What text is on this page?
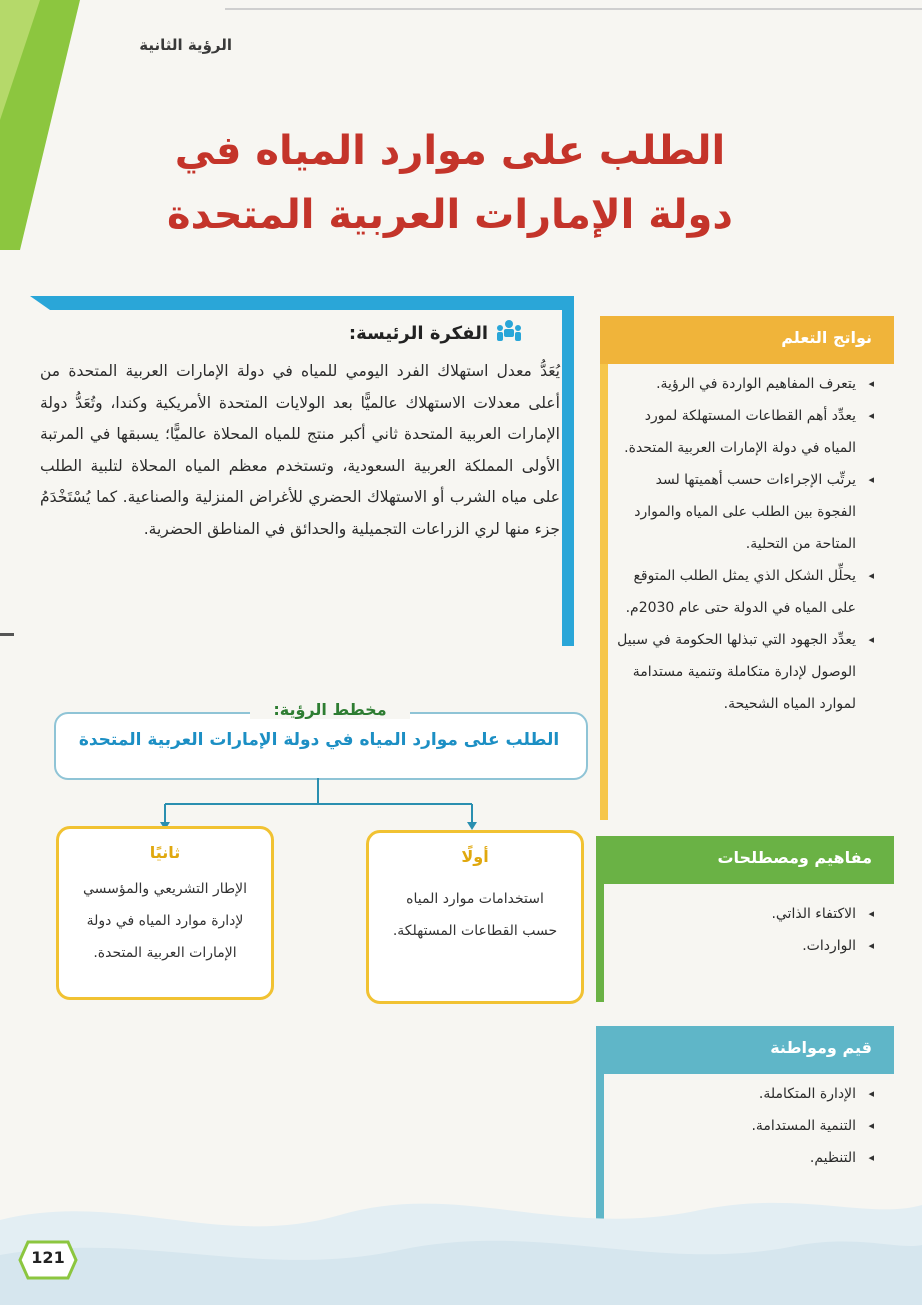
الرؤية الثانية
الطلب على موارد المياه في
دولة الإمارات العربية المتحدة
الفكرة الرئيسة:
يُعَدُّ معدل استهلاك الفرد اليومي للمياه في دولة الإمارات العربية المتحدة من أعلى معدلات الاستهلاك عالميًّا بعد الولايات المتحدة الأمريكية وكندا، وتُعَدُّ دولة الإمارات العربية المتحدة ثاني أكبر منتج للمياه المحلاة عالميًّا؛ يسبقها في المرتبة الأولى المملكة العربية السعودية، وتستخدم معظم المياه المحلاة لتلبية الطلب على مياه الشرب أو الاستهلاك الحضري للأغراض المنزلية والصناعية. كما يُسْتَخْدَمُ جزء منها لري الزراعات التجميلية والحدائق في المناطق الحضرية.
مخطط الرؤية:
الطلب على موارد المياه في دولة الإمارات العربية المتحدة
أولًا
استخدامات موارد المياه
حسب القطاعات المستهلكة.
ثانيًا
الإطار التشريعي والمؤسسي
لإدارة موارد المياه في دولة
الإمارات العربية المتحدة.
نواتج التعلم
◂
يتعرف المفاهيم الواردة في الرؤية.
◂
يعدِّد أهم القطاعات المستهلكة لمورد المياه في دولة الإمارات العربية المتحدة.
◂
يرتِّب الإجراءات حسب أهميتها لسد الفجوة بين الطلب على المياه والموارد المتاحة من التحلية.
◂
يحلِّل الشكل الذي يمثل الطلب المتوقع على المياه في الدولة حتى عام 2030م.
◂
يعدِّد الجهود التي تبذلها الحكومة في سبيل الوصول لإدارة متكاملة وتنمية مستدامة لموارد المياه الشحيحة.
مفاهيم ومصطلحات
◂
الاكتفاء الذاتي.
◂
الواردات.
قيم ومواطنة
◂
الإدارة المتكاملة.
◂
التنمية المستدامة.
◂
التنظيم.
121
